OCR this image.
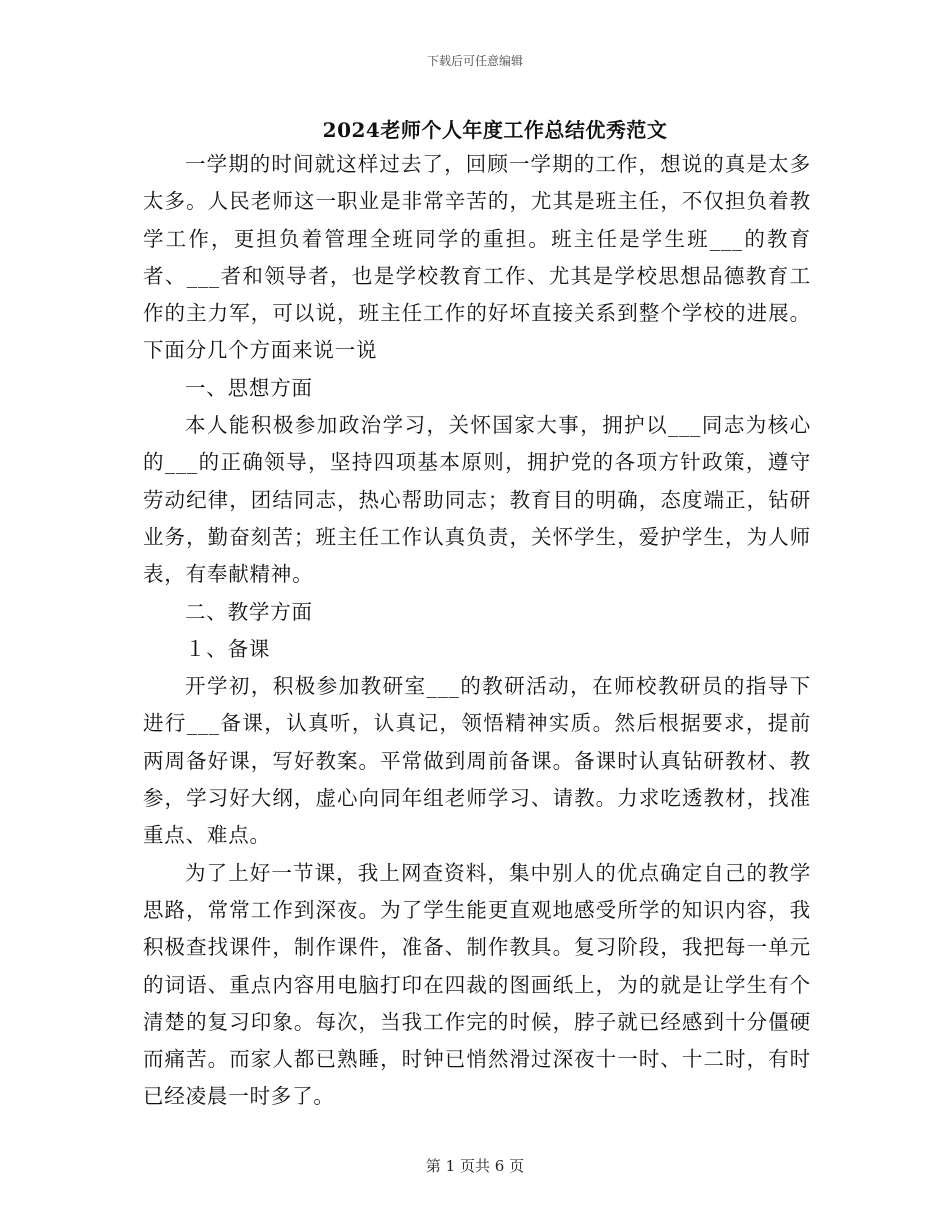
下载后可任意编辑
2024老师个人年度工作总结优秀范文

一学期的时间就这样过去了，回顾一学期的工作，想说的真是太多太多。人民老师这一职业是非常辛苦的，尤其是班主任，不仅担负着教学工作，更担负着管理全班同学的重担。班主任是学生班___的教育者、___者和领导者，也是学校教育工作、尤其是学校思想品德教育工作的主力军，可以说，班主任工作的好坏直接关系到整个学校的进展。下面分几个方面来说一说

一、思想方面

本人能积极参加政治学习，关怀国家大事，拥护以___同志为核心的___的正确领导，坚持四项基本原则，拥护党的各项方针政策，遵守劳动纪律，团结同志，热心帮助同志；教育目的明确，态度端正，钻研业务，勤奋刻苦；班主任工作认真负责，关怀学生，爱护学生，为人师表，有奉献精神。

二、教学方面

１、备课

开学初，积极参加教研室___的教研活动，在师校教研员的指导下进行___备课，认真听，认真记，领悟精神实质。然后根据要求，提前两周备好课，写好教案。平常做到周前备课。备课时认真钻研教材、教参，学习好大纲，虚心向同年组老师学习、请教。力求吃透教材，找准重点、难点。

为了上好一节课，我上网查资料，集中别人的优点确定自己的教学思路，常常工作到深夜。为了学生能更直观地感受所学的知识内容，我积极查找课件，制作课件，准备、制作教具。复习阶段，我把每一单元的词语、重点内容用电脑打印在四裁的图画纸上，为的就是让学生有个清楚的复习印象。每次，当我工作完的时候，脖子就已经感到十分僵硬而痛苦。而家人都已熟睡，时钟已悄然滑过深夜十一时、十二时，有时已经凌晨一时多了。

第 1 页共 6 页
